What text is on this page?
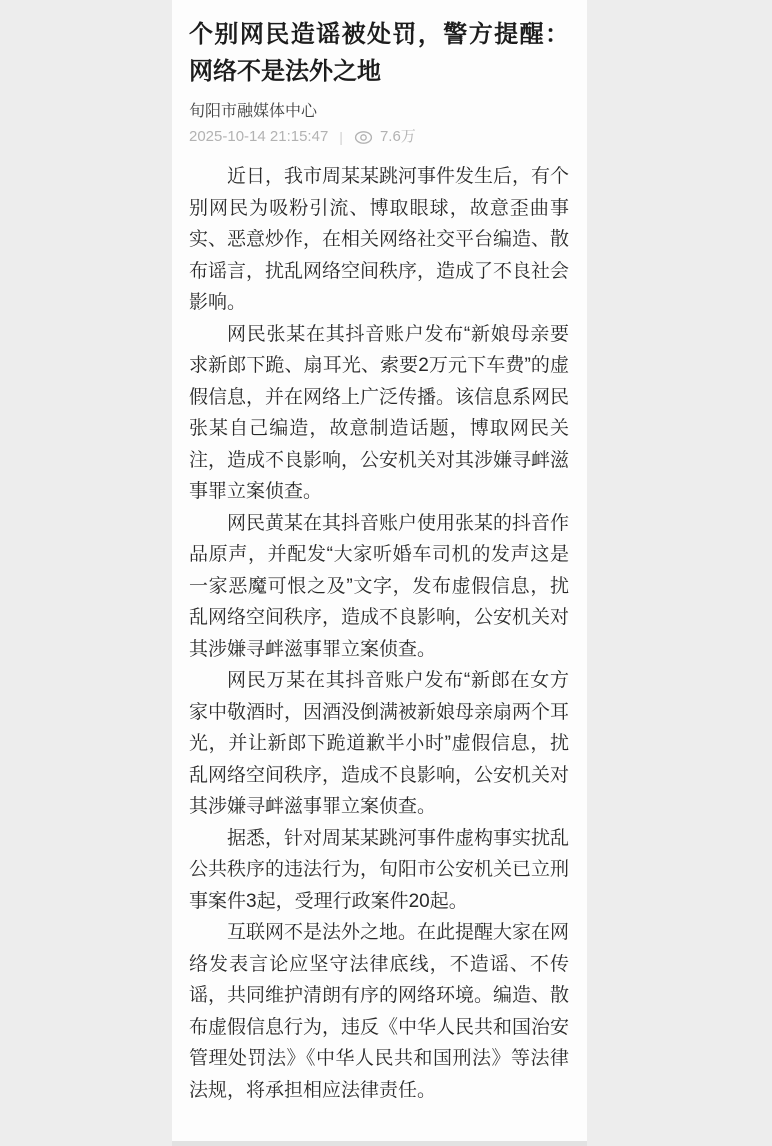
个别网民造谣被处罚，警方提醒：网络不是法外之地
旬阳市融媒体中心
2025-10-14 21:15:47 | 7.6万

近日，我市周某某跳河事件发生后，有个别网民为吸粉引流、博取眼球，故意歪曲事实、恶意炒作，在相关网络社交平台编造、散布谣言，扰乱网络空间秩序，造成了不良社会影响。

网民张某在其抖音账户发布“新娘母亲要求新郎下跪、扇耳光、索要2万元下车费”的虚假信息，并在网络上广泛传播。该信息系网民张某自己编造，故意制造话题，博取网民关注，造成不良影响，公安机关对其涉嫌寻衅滋事罪立案侦查。

网民黄某在其抖音账户使用张某的抖音作品原声，并配发“大家听婚车司机的发声这是一家恶魔可恨之及”文字，发布虚假信息，扰乱网络空间秩序，造成不良影响，公安机关对其涉嫌寻衅滋事罪立案侦查。

网民万某在其抖音账户发布“新郎在女方家中敬酒时，因酒没倒满被新娘母亲扇两个耳光，并让新郎下跪道歉半小时”虚假信息，扰乱网络空间秩序，造成不良影响，公安机关对其涉嫌寻衅滋事罪立案侦查。

据悉，针对周某某跳河事件虚构事实扰乱公共秩序的违法行为，旬阳市公安机关已立刑事案件3起，受理行政案件20起。

互联网不是法外之地。在此提醒大家在网络发表言论应坚守法律底线，不造谣、不传谣，共同维护清朗有序的网络环境。编造、散布虚假信息行为，违反《中华人民共和国治安管理处罚法》《中华人民共和国刑法》等法律法规，将承担相应法律责任。
